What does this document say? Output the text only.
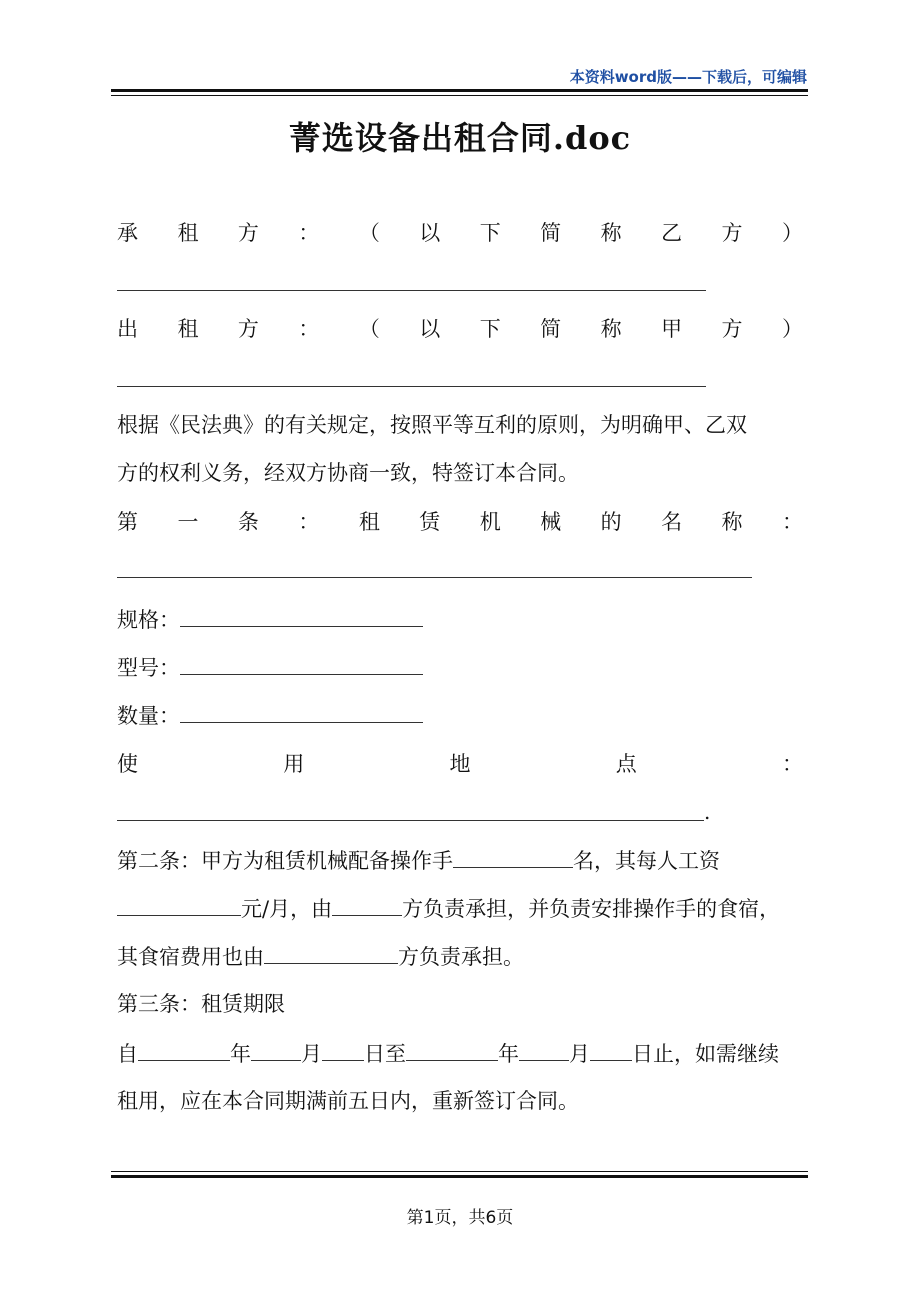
本资料word版——下载后，可编辑
菁选设备出租合同.doc
承 租 方 ： （ 以 下 简 称 乙 方 ）
出 租 方 ： （ 以 下 简 称 甲 方 ）
根据《民法典》的有关规定，按照平等互利的原则，为明确甲、乙双
方的权利义务，经双方协商一致，特签订本合同。
第 一 条 ： 租 赁 机 械 的 名 称 ：
规格：
型号：
数量：
使	用	地	点	：
.
第二条：甲方为租赁机械配备操作手	名，其每人工资
元/月，由	方负责承担，并负责安排操作手的食宿，
其食宿费用也由	方负责承担。
第三条：租赁期限
自	年 月 日至	年 月 日止，如需继续
租用，应在本合同期满前五日内，重新签订合同。
第1页，共6页
